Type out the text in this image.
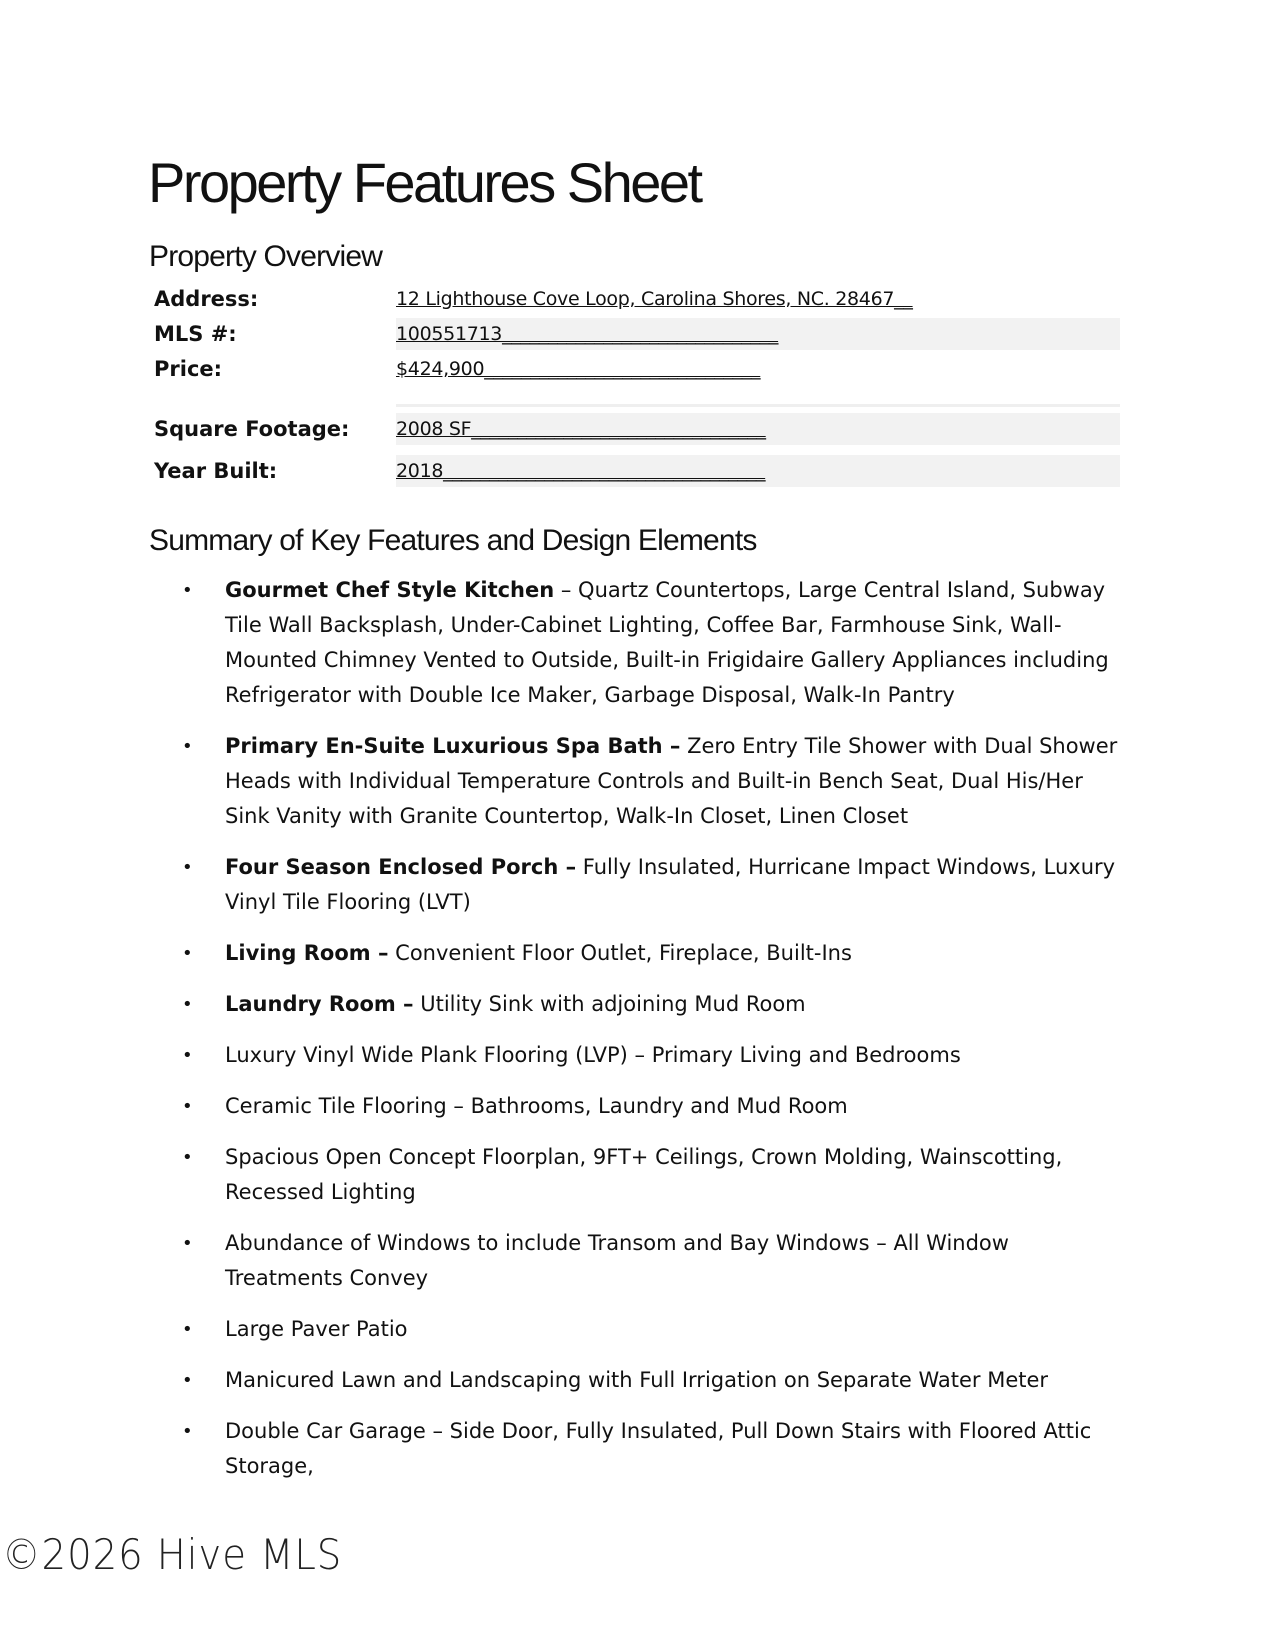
Property Features Sheet
Property Overview
Address:	12 Lighthouse Cove Loop, Carolina Shores, NC. 28467__
MLS #:	100551713______________________________
Price:	$424,900______________________________
Square Footage: 2008 SF________________________________
Year Built:	2018___________________________________
Summary of Key Features and Design Elements
• Gourmet Chef Style Kitchen – Quartz Countertops, Large Central Island, Subway Tile Wall Backsplash, Under-Cabinet Lighting, Coffee Bar, Farmhouse Sink, Wall-Mounted Chimney Vented to Outside, Built-in Frigidaire Gallery Appliances including Refrigerator with Double Ice Maker, Garbage Disposal, Walk-In Pantry
• Primary En-Suite Luxurious Spa Bath – Zero Entry Tile Shower with Dual Shower Heads with Individual Temperature Controls and Built-in Bench Seat, Dual His/Her Sink Vanity with Granite Countertop, Walk-In Closet, Linen Closet
• Four Season Enclosed Porch – Fully Insulated, Hurricane Impact Windows, Luxury Vinyl Tile Flooring (LVT)
• Living Room – Convenient Floor Outlet, Fireplace, Built-Ins
• Laundry Room – Utility Sink with adjoining Mud Room
• Luxury Vinyl Wide Plank Flooring (LVP) – Primary Living and Bedrooms
• Ceramic Tile Flooring – Bathrooms, Laundry and Mud Room
• Spacious Open Concept Floorplan, 9FT+ Ceilings, Crown Molding, Wainscotting, Recessed Lighting
• Abundance of Windows to include Transom and Bay Windows – All Window Treatments Convey
• Large Paver Patio
• Manicured Lawn and Landscaping with Full Irrigation on Separate Water Meter
• Double Car Garage – Side Door, Fully Insulated, Pull Down Stairs with Floored Attic Storage,
©2026 Hive MLS
